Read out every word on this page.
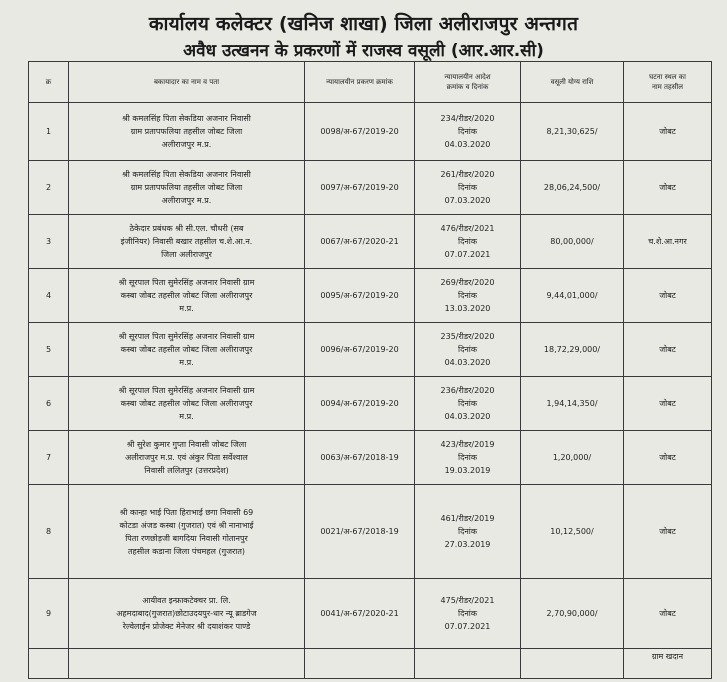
कार्यालय कलेक्टर (खनिज शाखा) जिला अलीराजपुर अन्तगत
अवैध उत्खनन के प्रकरणों में राजस्व वसूली (आर.आर.सी)
क्र	बकायादार का नाम व पता	न्यायालयीन प्रकरण क्रमांक	न्यायालयीन आदेश
क्रमांक व दिनांक	वसूली योग्य राशि	घटना स्थल का
नाम तहसील

1	श्री कमलसिंह पिता सेकडिया अजनार निवासी
ग्राम प्रतापफलिया तहसील जोबट जिला
अलीराजपुर म.प्र.	0098/अ-67/2019-20	234/रीडर/2020
दिनांक
04.03.2020	8,21,30,625/	जोबट
2	श्री कमलसिंह पिता सेकडिया अजनार निवासी
ग्राम प्रतापफलिया तहसील जोबट जिला
अलीराजपुर म.प्र.	0097/अ-67/2019-20	261/रीडर/2020
दिनांक
07.03.2020	28,06,24,500/	जोबट
3	ठेकेदार प्रबंधक श्री सी.एल. चौधरी (सब
इंजीनियर) निवासी बखार तहसील च.शे.आ.न.
जिला अलीराजपुर	0067/अ-67/2020-21	476/रीडर/2021
दिनांक
07.07.2021	80,00,000/	च.शे.आ.नगर
4	श्री सूरपाल पिता सुमेरसिंह अजनार निवासी ग्राम
कस्बा जोबट तहसील जोबट जिला अलीराजपुर
म.प्र.	0095/अ-67/2019-20	269/रीडर/2020
दिनांक
13.03.2020	9,44,01,000/	जोबट
5	श्री सूरपाल पिता सुमेरसिंह अजनार निवासी ग्राम
कस्बा जोबट तहसील जोबट जिला अलीराजपुर
म.प्र.	0096/अ-67/2019-20	235/रीडर/2020
दिनांक
04.03.2020	18,72,29,000/	जोबट
6	श्री सूरपाल पिता सुमेरसिंह अजनार निवासी ग्राम
कस्बा जोबट तहसील जोबट जिला अलीराजपुर
म.प्र.	0094/अ-67/2019-20	236/रीडर/2020
दिनांक
04.03.2020	1,94,14,350/	जोबट
7	श्री सुरेश कुमार गुप्ता निवासी जोबट जिला
अलीराजपुर म.प्र. एवं अंकुर पिता सर्वेश्वाल
निवासी ललितपुर (उत्तरप्रदेश)	0063/अ-67/2018-19	423/रीडर/2019
दिनांक
19.03.2019	1,20,000/	जोबट
8	श्री कान्हा भाई पिता हिराभाई छगा निवासी 69
कोटडा अंजड कस्बा (गुजरात) एवं श्री नानाभाई
पिता रणछोड़जी बागदिया निवासी गोतानपुर
तहसील कडाना जिला पंचमहल (गुजरात)	0021/अ-67/2018-19	461/रीडर/2019
दिनांक
27.03.2019	10,12,500/	जोबट
9	आयीवत इन्फ्राकटेक्चर प्रा. लि.
अहमदाबाद(गुजरात)छोटाउदयपुर-धार न्यू ब्राडगेज
रेल्वेलाईन प्रोजेक्ट मेनेजर श्री दयाशंकर पाण्डे	0041/अ-67/2020-21	475/रीडर/2021
दिनांक
07.07.2021	2,70,90,000/	जोबट
					ग्राम खदान
